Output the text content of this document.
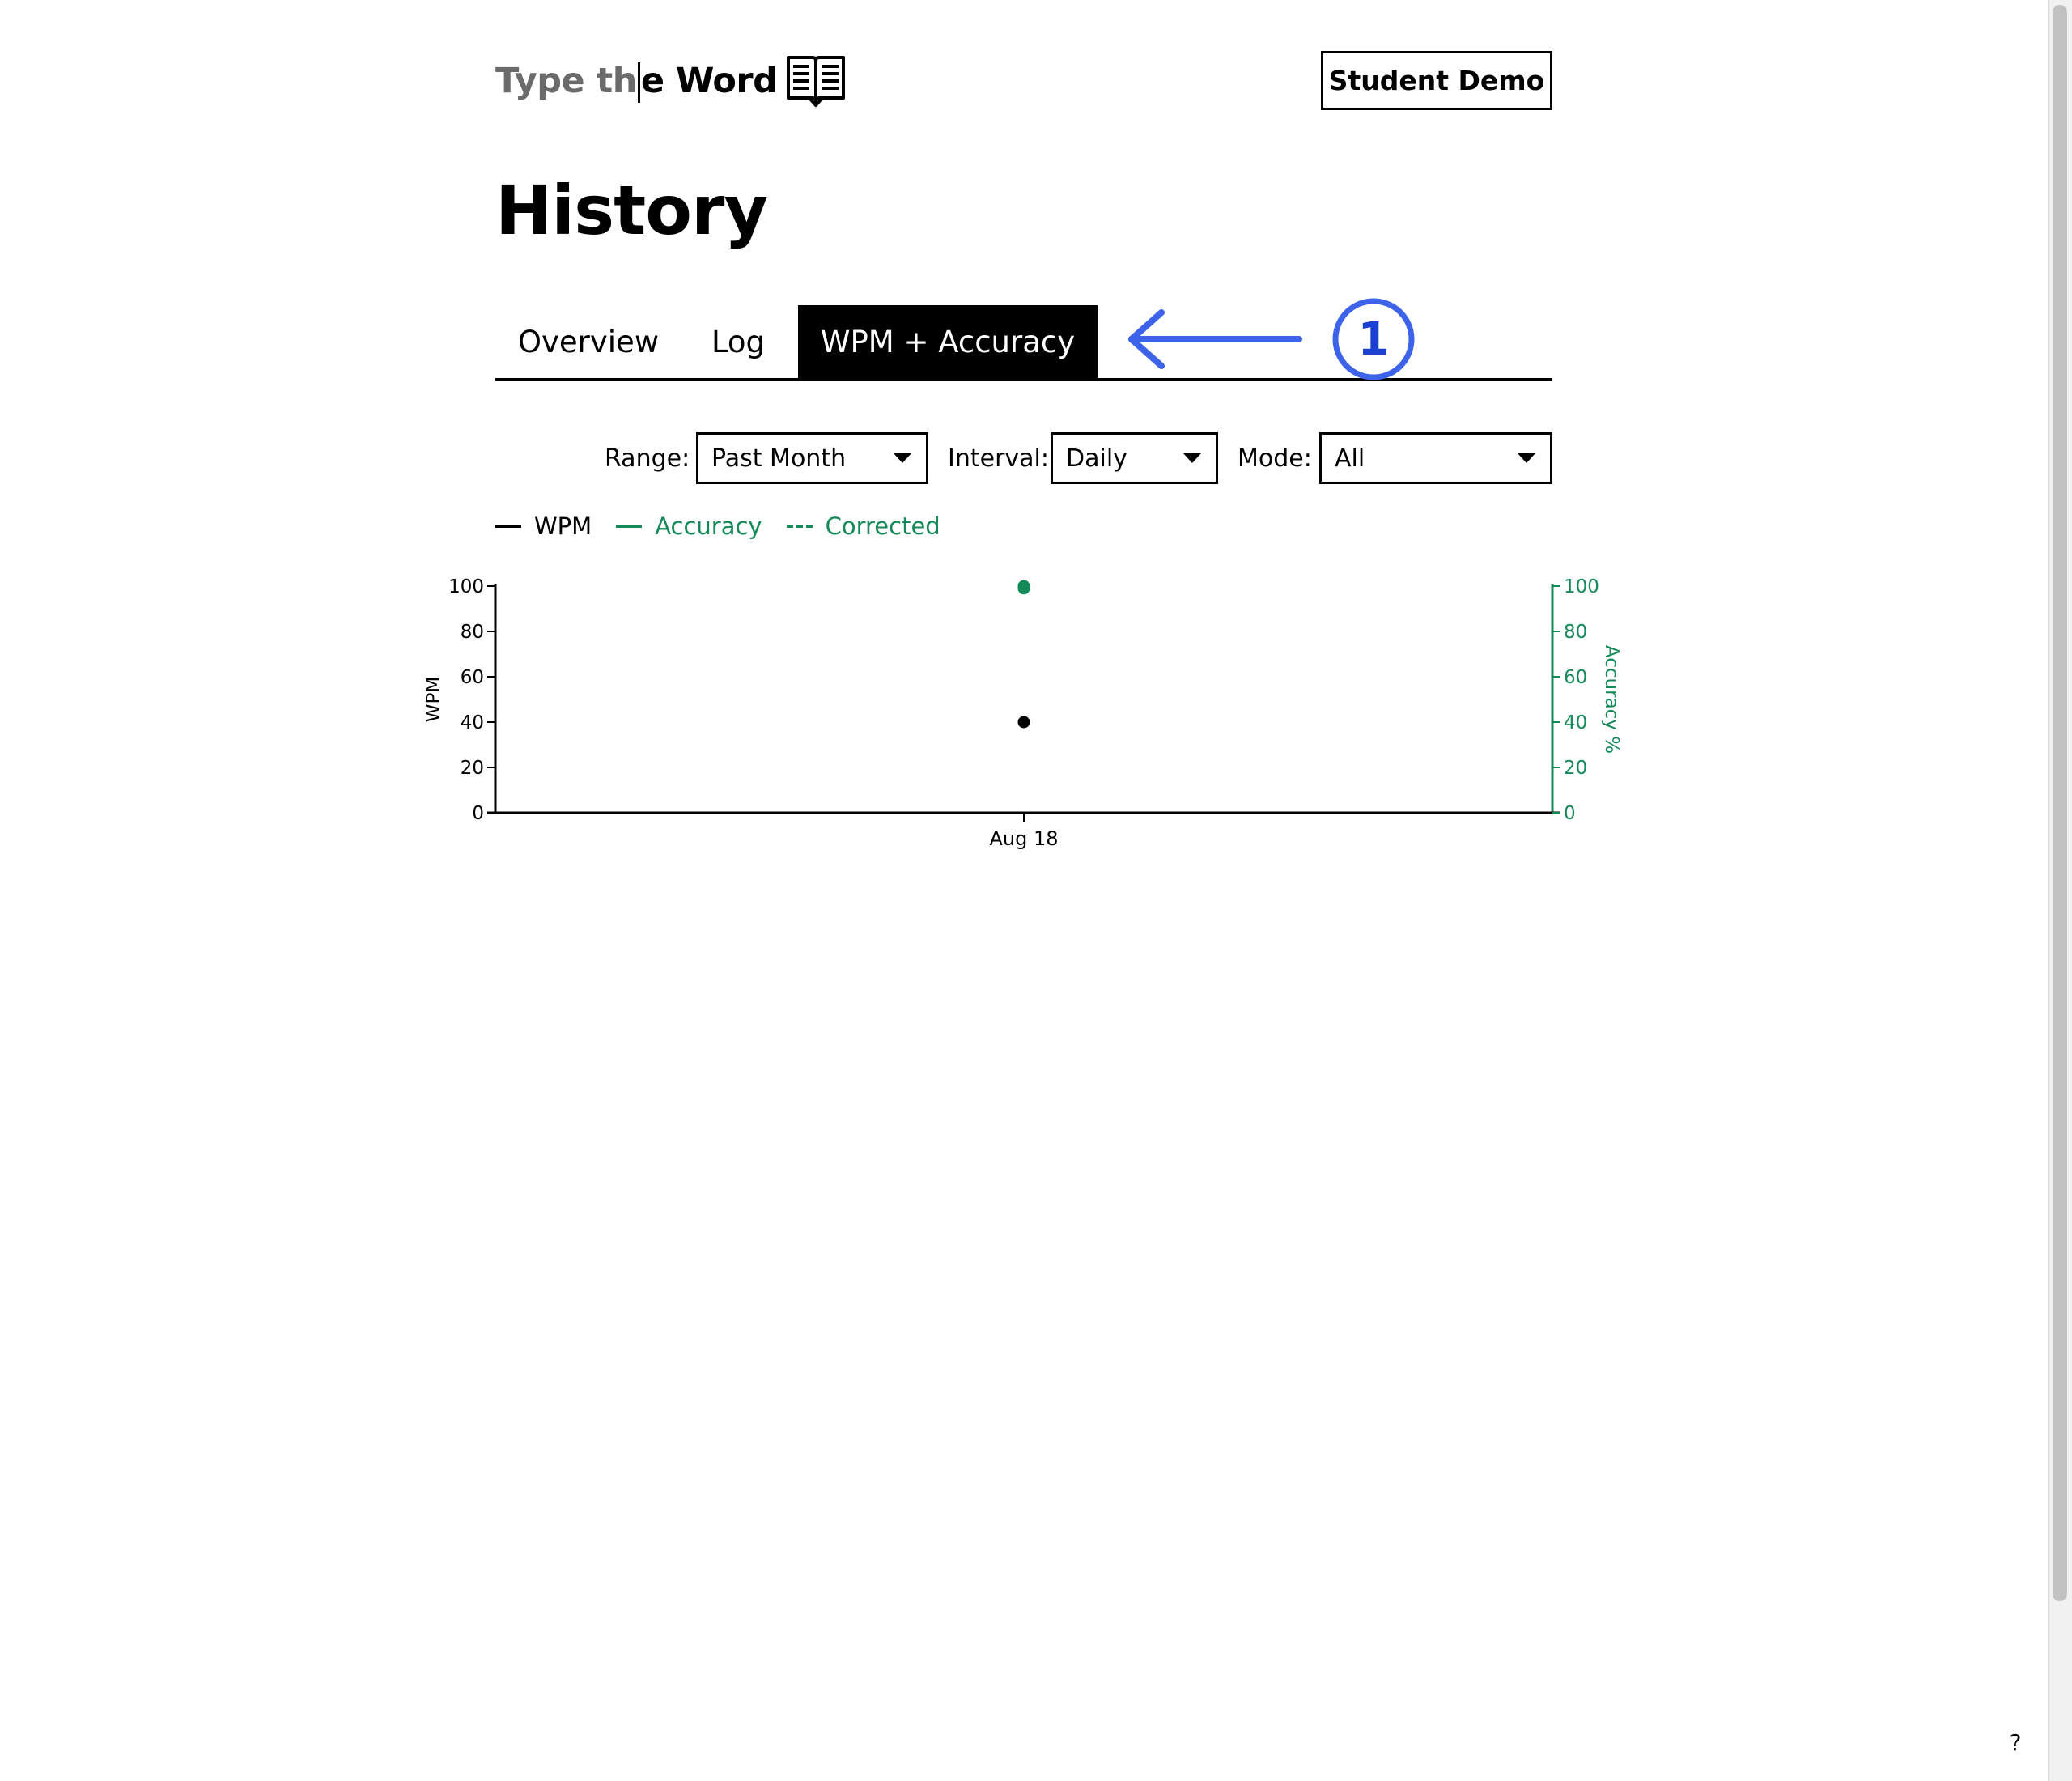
Type th e Word	Student Demo
History
Overview	Log	WPM + Accuracy	1
Range: Past Month	Interval: Daily	Mode: All
WPM	Accuracy	Corrected
0
20
40
60
80
100
0
20
40
60
80
100
WPM	Accuracy %
Aug 18
?
